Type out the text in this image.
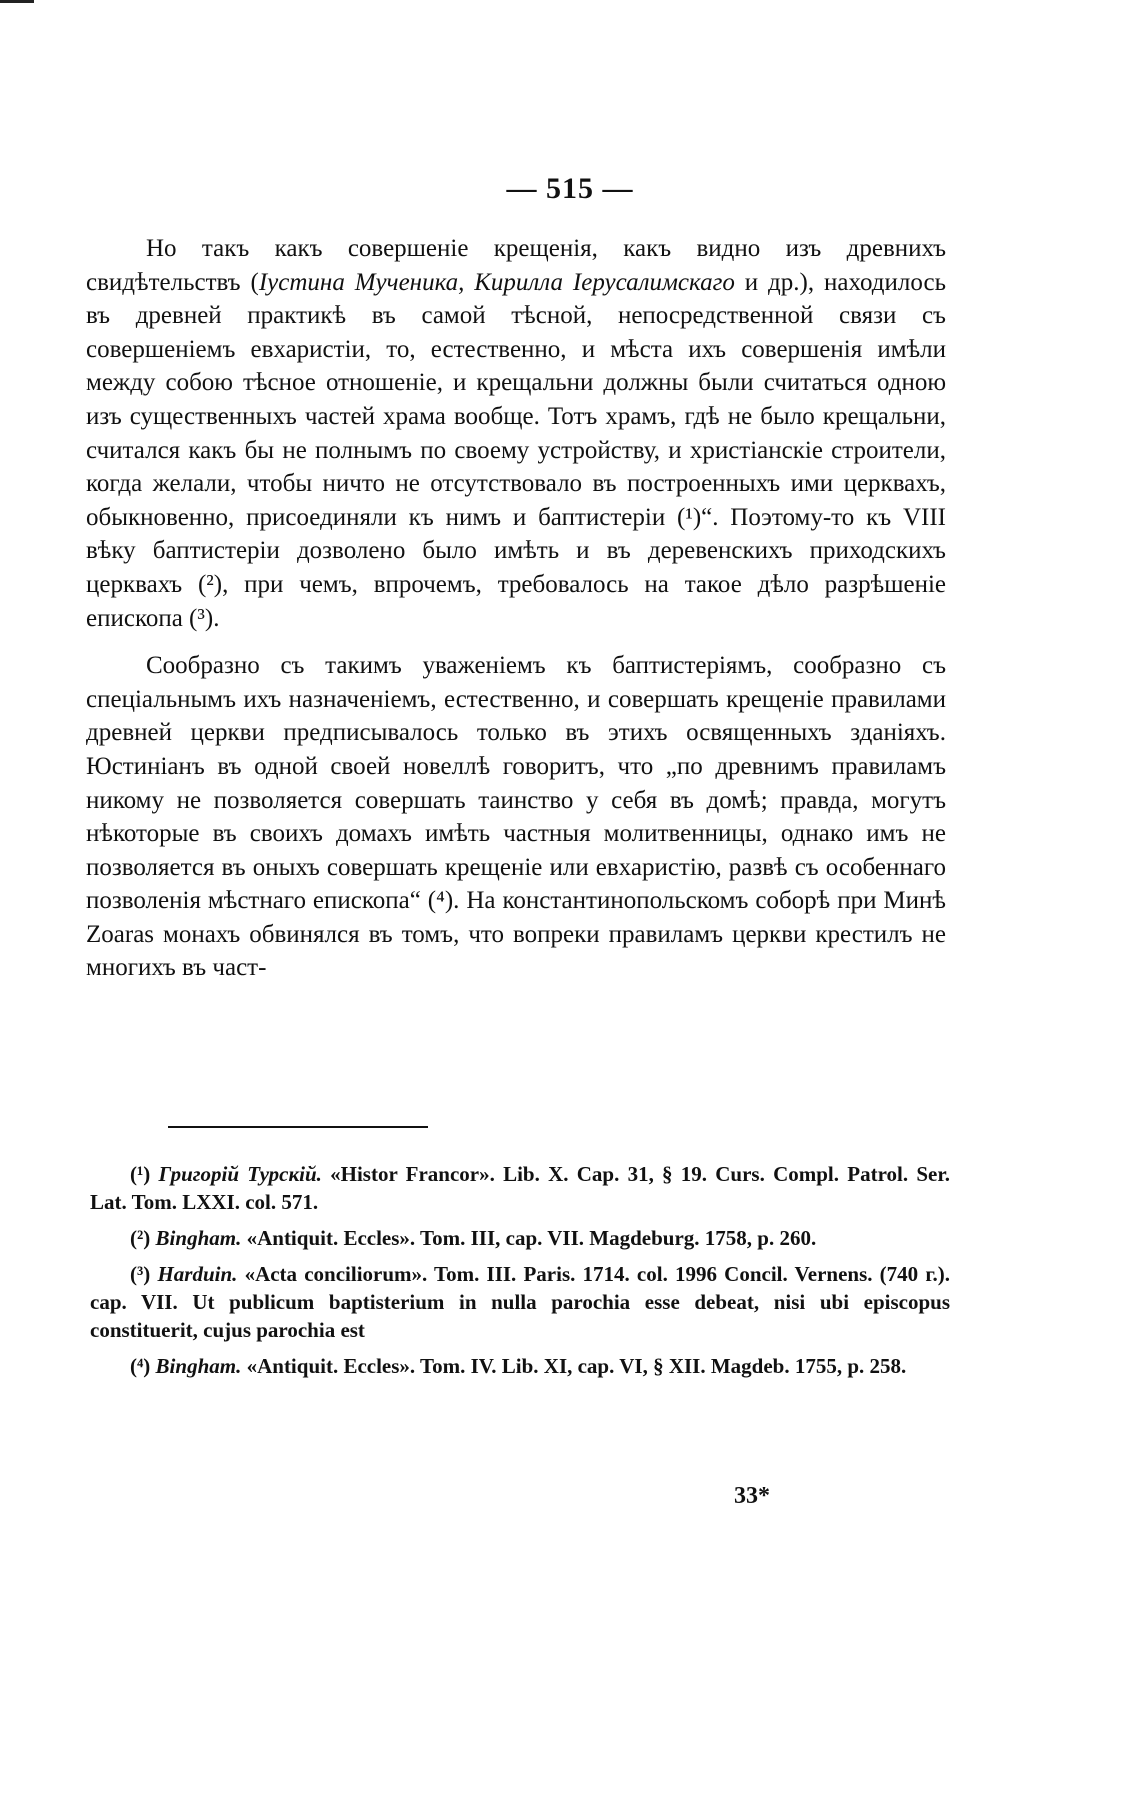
— 515 —

Но такъ какъ совершеніе крещенія, какъ видно изъ древнихъ свидѣтельствъ (Іустина Мученика, Кирилла Іерусалимскаго и др.), находилось въ древней практикѣ въ самой тѣсной, непосредственной связи съ совершеніемъ евхаристіи, то, естественно, и мѣста ихъ совершенія имѣли между собою тѣсное отношеніе, и крещальни должны были считаться одною изъ существенныхъ частей храма вообще. Тотъ храмъ, гдѣ не было крещальни, считался какъ бы не полнымъ по своему устройству, и христіанскіе строители, когда желали, чтобы ничто не отсутствовало въ построенныхъ ими церквахъ, обыкновенно, присоединяли къ нимъ и баптистеріи (¹)“. Поэтому-то къ VIII вѣку баптистеріи дозволено было имѣть и въ деревенскихъ приходскихъ церквахъ (²), при чемъ, впрочемъ, требовалось на такое дѣло разрѣшеніе епископа (³).

Сообразно съ такимъ уваженіемъ къ баптистеріямъ, сообразно съ спеціальнымъ ихъ назначеніемъ, естественно, и совершать крещеніе правилами древней церкви предписывалось только въ этихъ освященныхъ зданіяхъ. Юстиніанъ въ одной своей новеллѣ говоритъ, что „по древнимъ правиламъ никому не позволяется совершать таинство у себя въ домѣ; правда, могутъ нѣкоторые въ своихъ домахъ имѣть частныя молитвенницы, однако имъ не позволяется въ оныхъ совершать крещеніе или евхаристію, развѣ съ особеннаго позволенія мѣстнаго епископа“ (⁴). На константинопольскомъ соборѣ при Минѣ Zoaras монахъ обвинялся въ томъ, что вопреки правиламъ церкви крестилъ не многихъ въ част-

(¹) Григорій Турскій. «Histor Francor». Lib. X. Cap. 31, § 19. Curs. Compl. Patrol. Ser. Lat. Tom. LXXI. col. 571.

(²) Bingham. «Antiquit. Eccles». Tom. III, cap. VII. Magdeburg. 1758, p. 260.

(³) Harduin. «Acta conciliorum». Tom. III. Paris. 1714. col. 1996 Concil. Vernens. (740 г.). cap. VII. Ut publicum baptisterium in nulla parochia esse debeat, nisi ubi episcopus constituerit, cujus parochia est

(⁴) Bingham. «Antiquit. Eccles». Tom. IV. Lib. XI, cap. VI, § XII. Magdeb. 1755, p. 258.

33*
